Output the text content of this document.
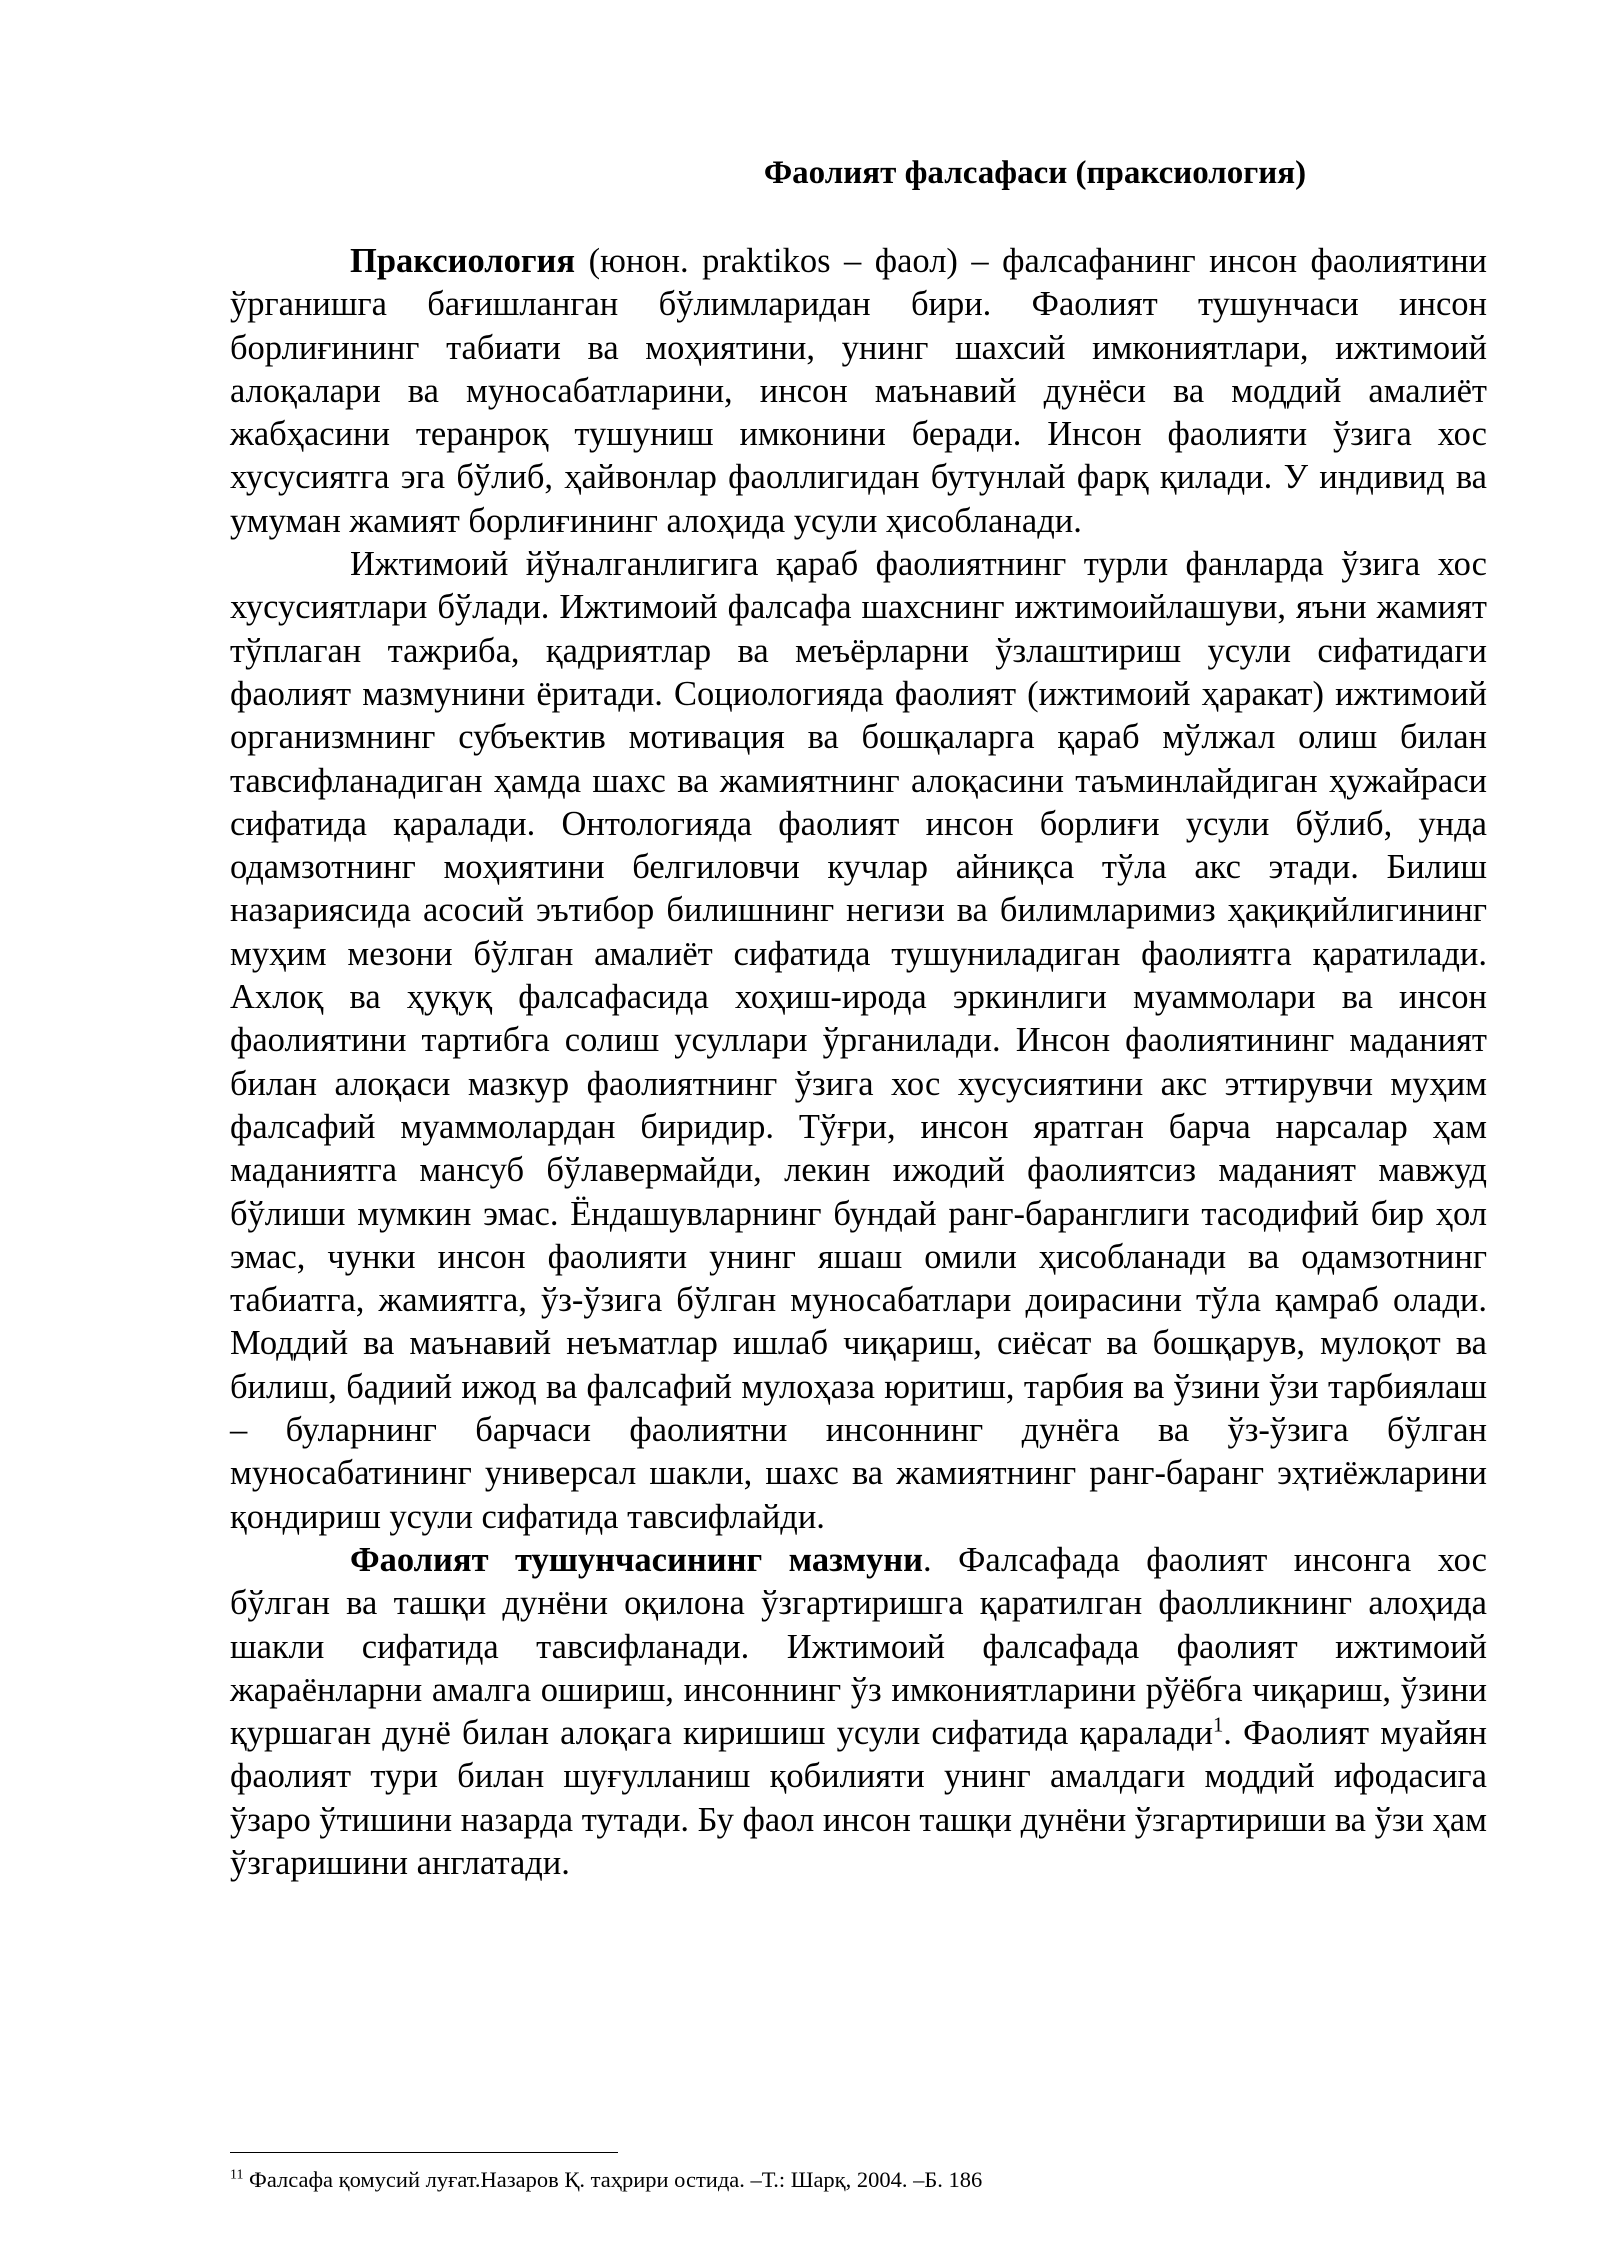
Фаолият фалсафаси (праксиология)

Праксиология (юнон. praktikos – фаол) – фалсафанинг инсон фаолиятини ўрганишга бағишланган бўлимларидан бири. Фаолият тушунчаси инсон борлиғининг табиати ва моҳиятини, унинг шахсий имкониятлари, ижтимоий алоқалари ва муносабатларини, инсон маънавий дунёси ва моддий амалиёт жабҳасини теранроқ тушуниш имконини беради. Инсон фаолияти ўзига хос хусусиятга эга бўлиб, ҳайвонлар фаоллигидан бутунлай фарқ қилади. У индивид ва умуман жамият борлиғининг алоҳида усули ҳисобланади.

Ижтимоий йўналганлигига қараб фаолиятнинг турли фанларда ўзига хос хусусиятлари бўлади. Ижтимоий фалсафа шахснинг ижтимоийлашуви, яъни жамият тўплаган тажриба, қадриятлар ва меъёрларни ўзлаштириш усули сифатидаги фаолият мазмунини ёритади. Социологияда фаолият (ижтимоий ҳаракат) ижтимоий организмнинг субъектив мотивация ва бошқаларга қараб мўлжал олиш билан тавсифланадиган ҳамда шахс ва жамиятнинг алоқасини таъминлайдиган ҳужайраси сифатида қаралади. Онтологияда фаолият инсон борлиғи усули бўлиб, унда одамзотнинг моҳиятини белгиловчи кучлар айниқса тўла акс этади. Билиш назариясида асосий эътибор билишнинг негизи ва билимларимиз ҳақиқийлигининг муҳим мезони бўлган амалиёт сифатида тушуниладиган фаолиятга қаратилади. Ахлоқ ва ҳуқуқ фалсафасида хоҳиш-ирода эркинлиги муаммолари ва инсон фаолиятини тартибга солиш усуллари ўрганилади. Инсон фаолиятининг маданият билан алоқаси мазкур фаолиятнинг ўзига хос хусусиятини акс эттирувчи муҳим фалсафий муаммолардан биридир. Тўғри, инсон яратган барча нарсалар ҳам маданиятга мансуб бўлавермайди, лекин ижодий фаолиятсиз маданият мавжуд бўлиши мумкин эмас. Ёндашувларнинг бундай ранг-баранглиги тасодифий бир ҳол эмас, чунки инсон фаолияти унинг яшаш омили ҳисобланади ва одамзотнинг табиатга, жамиятга, ўз-ўзига бўлган муносабатлари доирасини тўла қамраб олади. Моддий ва маънавий неъматлар ишлаб чиқариш, сиёсат ва бошқарув, мулоқот ва билиш, бадиий ижод ва фалсафий мулоҳаза юритиш, тарбия ва ўзини ўзи тарбиялаш – буларнинг барчаси фаолиятни инсоннинг дунёга ва ўз-ўзига бўлган муносабатининг универсал шакли, шахс ва жамиятнинг ранг-баранг эҳтиёжларини қондириш усули сифатида тавсифлайди.

Фаолият тушунчасининг мазмуни. Фалсафада фаолият инсонга хос бўлган ва ташқи дунёни оқилона ўзгартиришга қаратилган фаолликнинг алоҳида шакли сифатида тавсифланади. Ижтимоий фалсафада фаолият ижтимоий жараёнларни амалга ошириш, инсоннинг ўз имкониятларини рўёбга чиқариш, ўзини қуршаган дунё билан алоқага киришиш усули сифатида қаралади$^1$. Фаолият муайян фаолият тури билан шуғулланиш қобилияти унинг амалдаги моддий ифодасига ўзаро ўтишини назарда тутади. Бу фаол инсон ташқи дунёни ўзгартириши ва ўзи ҳам ўзгаришини англатади.

$^{11}$ Фалсафа қомусий луғат.Назаров Қ. таҳрири остида. –Т.: Шарқ, 2004. –Б. 186
